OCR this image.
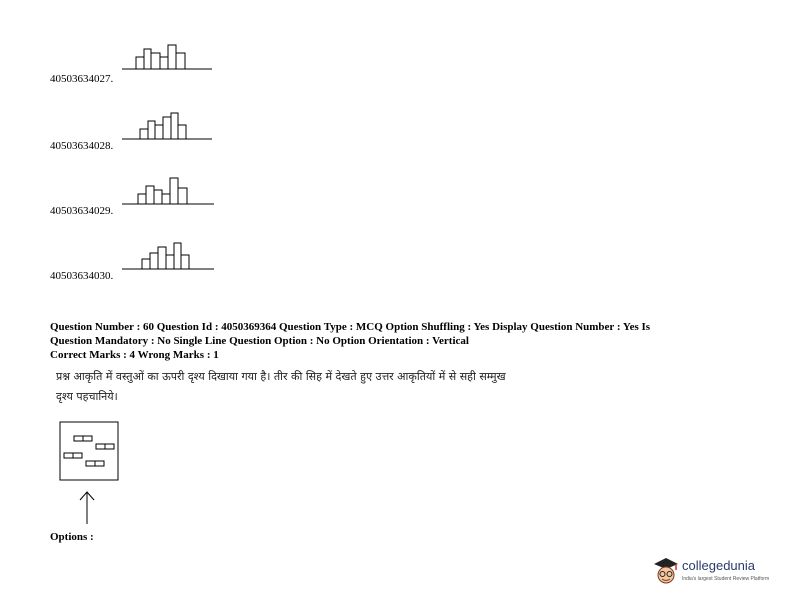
40503634027.
40503634028.
40503634029.
40503634030.
Question Number : 60 Question Id : 4050369364 Question Type : MCQ Option Shuffling : Yes Display Question Number : Yes Is
Question Mandatory : No Single Line Question Option : No Option Orientation : Vertical
Correct Marks : 4 Wrong Marks : 1
प्रश्न आकृति में वस्तुओं का ऊपरी दृश्य दिखाया गया है। तीर की सिह में देखते हुए उत्तर आकृतियों में से सही सम्मुख
दृश्य पहचानिये।
Options :
collegedunia
India's largest Student Review Platform
